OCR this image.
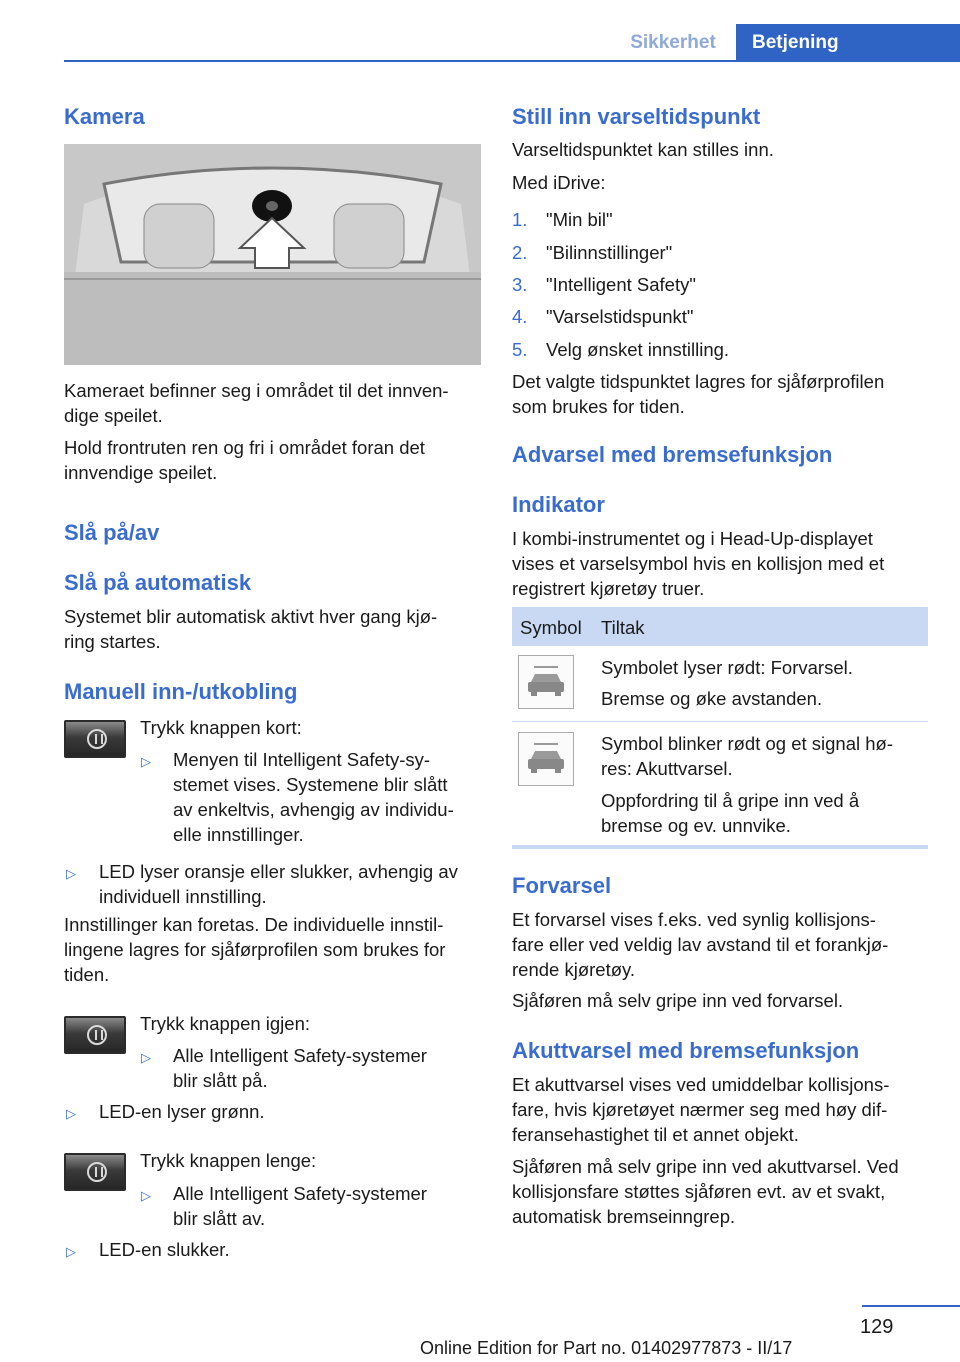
Sikkerhet	Betjening
Kamera
Kameraet befinner seg i området til det innven-
dige speilet.
Hold frontruten ren og fri i området foran det
innvendige speilet.
Slå på/av
Slå på automatisk
Systemet blir automatisk aktivt hver gang kjø-
ring startes.
Manuell inn-/utkobling
Trykk knappen kort:
▷ Menyen til Intelligent Safety-sy-
stemet vises. Systemene blir slått
av enkeltvis, avhengig av individu-
elle innstillinger.
▷ LED lyser oransje eller slukker, avhengig av
individuell innstilling.
Innstillinger kan foretas. De individuelle innstil-
lingene lagres for sjåførprofilen som brukes for
tiden.
Trykk knappen igjen:
▷ Alle Intelligent Safety-systemer
blir slått på.
▷ LED-en lyser grønn.
Trykk knappen lenge:
▷ Alle Intelligent Safety-systemer
blir slått av.
▷ LED-en slukker.
Still inn varseltidspunkt
Varseltidspunktet kan stilles inn.
Med iDrive:
1. "Min bil"
2. "Bilinnstillinger"
3. "Intelligent Safety"
4. "Varselstidspunkt"
5. Velg ønsket innstilling.
Det valgte tidspunktet lagres for sjåførprofilen
som brukes for tiden.
Advarsel med bremsefunksjon
Indikator
I kombi-instrumentet og i Head-Up-displayet
vises et varselsymbol hvis en kollisjon med et
registrert kjøretøy truer.
Symbol Tiltak
Symbolet lyser rødt: Forvarsel.
Bremse og øke avstanden.
Symbol blinker rødt og et signal hø-
res: Akuttvarsel.
Oppfordring til å gripe inn ved å
bremse og ev. unnvike.
Forvarsel
Et forvarsel vises f.eks. ved synlig kollisjons-
fare eller ved veldig lav avstand til et forankjø-
rende kjøretøy.
Sjåføren må selv gripe inn ved forvarsel.
Akuttvarsel med bremsefunksjon
Et akuttvarsel vises ved umiddelbar kollisjons-
fare, hvis kjøretøyet nærmer seg med høy dif-
feransehastighet til et annet objekt.
Sjåføren må selv gripe inn ved akuttvarsel. Ved
kollisjonsfare støttes sjåføren evt. av et svakt,
automatisk bremseinngrep.
129
Online Edition for Part no. 01402977873 - II/17
